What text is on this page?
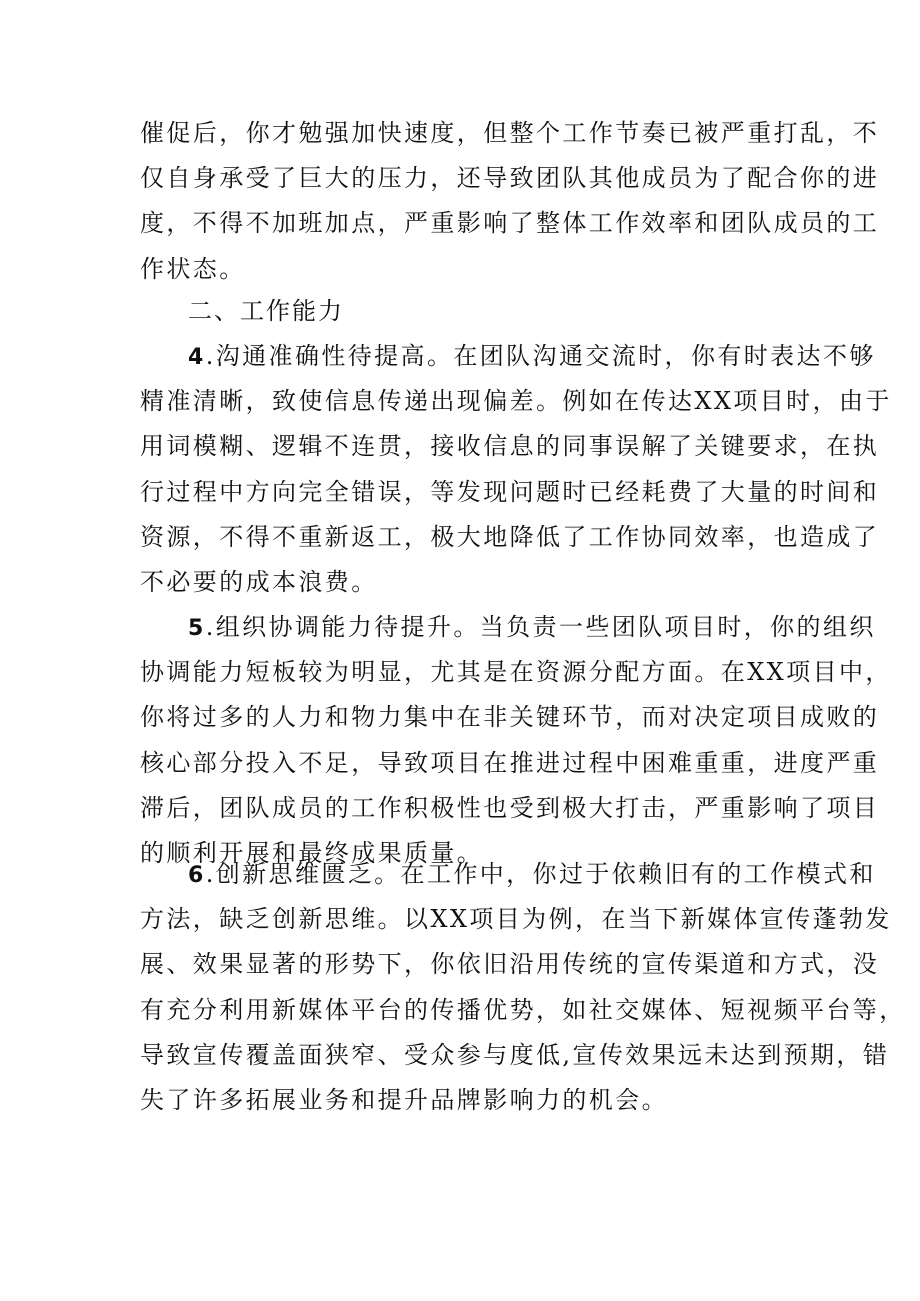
催促后，你才勉强加快速度，但整个工作节奏已被严重打乱，不
仅自身承受了巨大的压力，还导致团队其他成员为了配合你的进
度，不得不加班加点，严重影响了整体工作效率和团队成员的工
作状态。
二、工作能力
4.沟通准确性待提高。在团队沟通交流时，你有时表达不够
精准清晰，致使信息传递出现偏差。例如在传达XX项目时，由于
用词模糊、逻辑不连贯，接收信息的同事误解了关键要求，在执
行过程中方向完全错误，等发现问题时已经耗费了大量的时间和
资源，不得不重新返工，极大地降低了工作协同效率，也造成了
不必要的成本浪费。
5.组织协调能力待提升。当负责一些团队项目时，你的组织
协调能力短板较为明显，尤其是在资源分配方面。在XX项目中，
你将过多的人力和物力集中在非关键环节，而对决定项目成败的
核心部分投入不足，导致项目在推进过程中困难重重，进度严重
滞后，团队成员的工作积极性也受到极大打击，严重影响了项目
的顺利开展和最终成果质量。
6.创新思维匮乏。在工作中，你过于依赖旧有的工作模式和
方法，缺乏创新思维。以XX项目为例，在当下新媒体宣传蓬勃发
展、效果显著的形势下，你依旧沿用传统的宣传渠道和方式，没
有充分利用新媒体平台的传播优势，如社交媒体、短视频平台等，
导致宣传覆盖面狭窄、受众参与度低,宣传效果远未达到预期，错
失了许多拓展业务和提升品牌影响力的机会。
